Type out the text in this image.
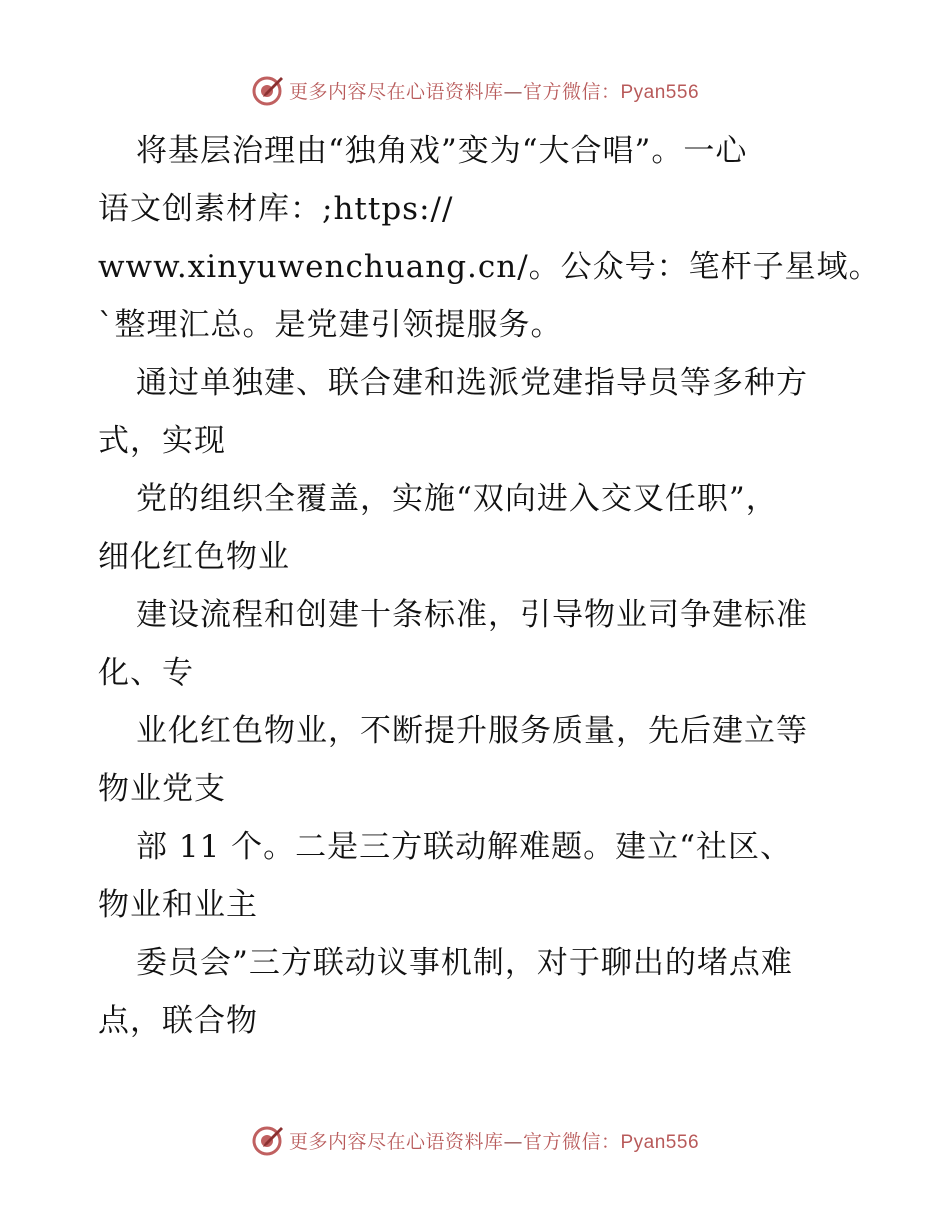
更多内容尽在心语资料库—官方微信：Pyan556
将基层治理由“独角戏”变为“大合唱”。一心
语文创素材库：;https://
www.xinyuwenchuang.cn/。公众号：笔杆子星域。
`整理汇总。是党建引领提服务。
通过单独建、联合建和选派党建指导员等多种方
式，实现
党的组织全覆盖，实施“双向进入交叉任职”，
细化红色物业
建设流程和创建十条标准，引导物业司争建标准
化、专
业化红色物业，不断提升服务质量，先后建立等
物业党支
部 11 个。二是三方联动解难题。建立“社区、
物业和业主
委员会”三方联动议事机制，对于聊出的堵点难
点，联合物
更多内容尽在心语资料库—官方微信：Pyan556
